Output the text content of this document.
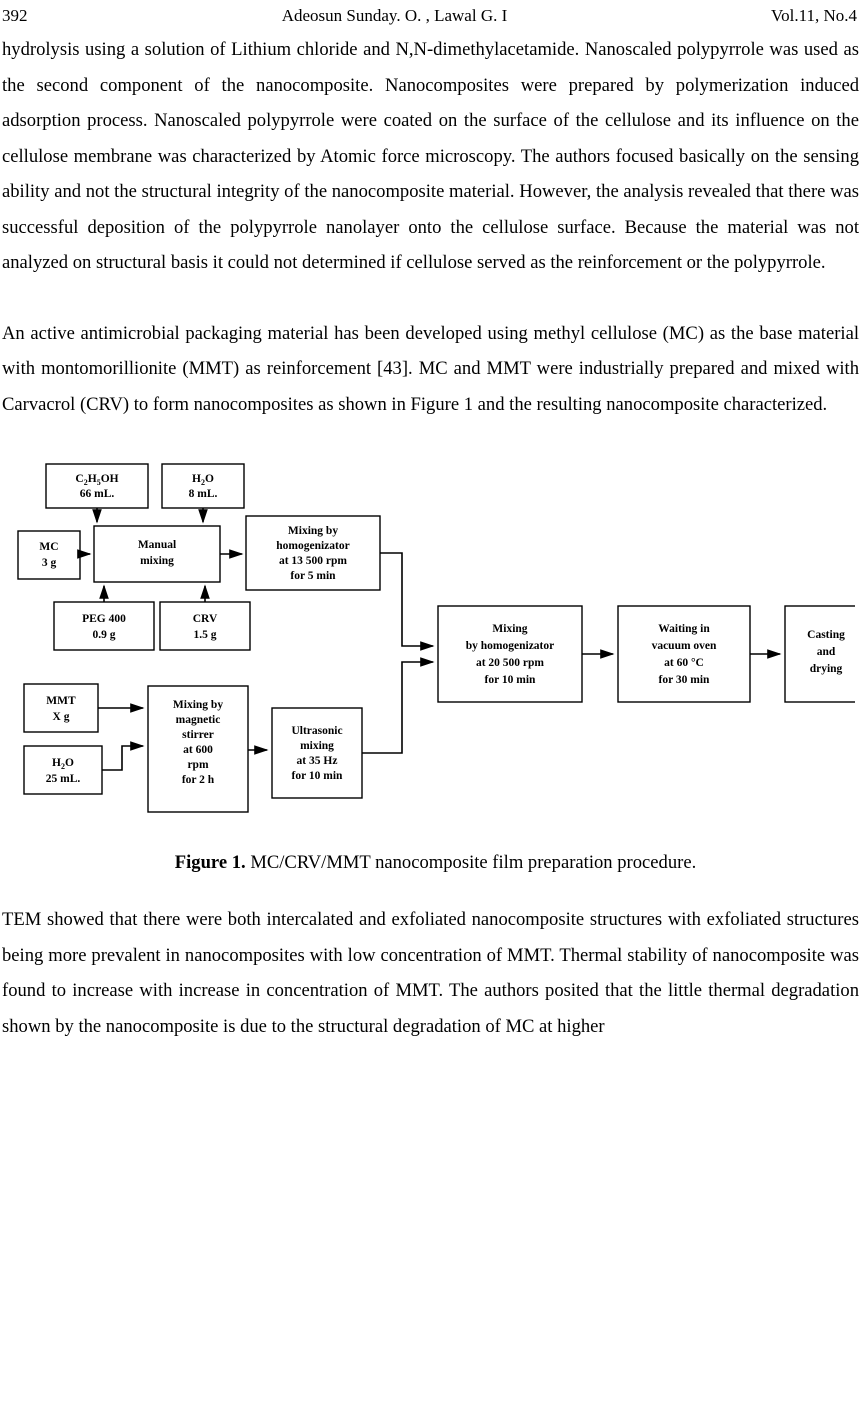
392	Adeosun Sunday. O. , Lawal G. I	Vol.11, No.4

hydrolysis using a solution of Lithium chloride and N,N-dimethylacetamide. Nanoscaled polypyrrole was used as the second component of the nanocomposite. Nanocomposites were prepared by polymerization induced adsorption process. Nanoscaled polypyrrole were coated on the surface of the cellulose and its influence on the cellulose membrane was characterized by Atomic force microscopy. The authors focused basically on the sensing ability and not the structural integrity of the nanocomposite material. However, the analysis revealed that there was successful deposition of the polypyrrole nanolayer onto the cellulose surface. Because the material was not analyzed on structural basis it could not determined if cellulose served as the reinforcement or the polypyrrole.

An active antimicrobial packaging material has been developed using methyl cellulose (MC) as the base material with montomorillionite (MMT) as reinforcement [43]. MC and MMT were industrially prepared and mixed with Carvacrol (CRV) to form nanocomposites as shown in Figure 1 and the resulting nanocomposite characterized.

$C_2H_5OH$
66 mL.
$H_2O$
8 mL.
MC
3 g
Manual
mixing
Mixing by
homogenizator
at 13 500 rpm
for 5 min
PEG 400
0.9 g
CRV
1.5 g
MMT
X g
$H_2O$
25 mL.
Mixing by
magnetic
stirrer
at 600
rpm
for 2 h
Ultrasonic
mixing
at 35 Hz
for 10 min
Mixing
by homogenizator
at 20 500 rpm
for 10 min
Waiting in
vacuum oven
at 60 °C
for 30 min
Casting
and
drying
Figure 1. MC/CRV/MMT nanocomposite film preparation procedure.

TEM showed that there were both intercalated and exfoliated nanocomposite structures with exfoliated structures being more prevalent in nanocomposites with low concentration of MMT. Thermal stability of nanocomposite was found to increase with increase in concentration of MMT. The authors posited that the little thermal degradation shown by the nanocomposite is due to the structural degradation of MC at higher
